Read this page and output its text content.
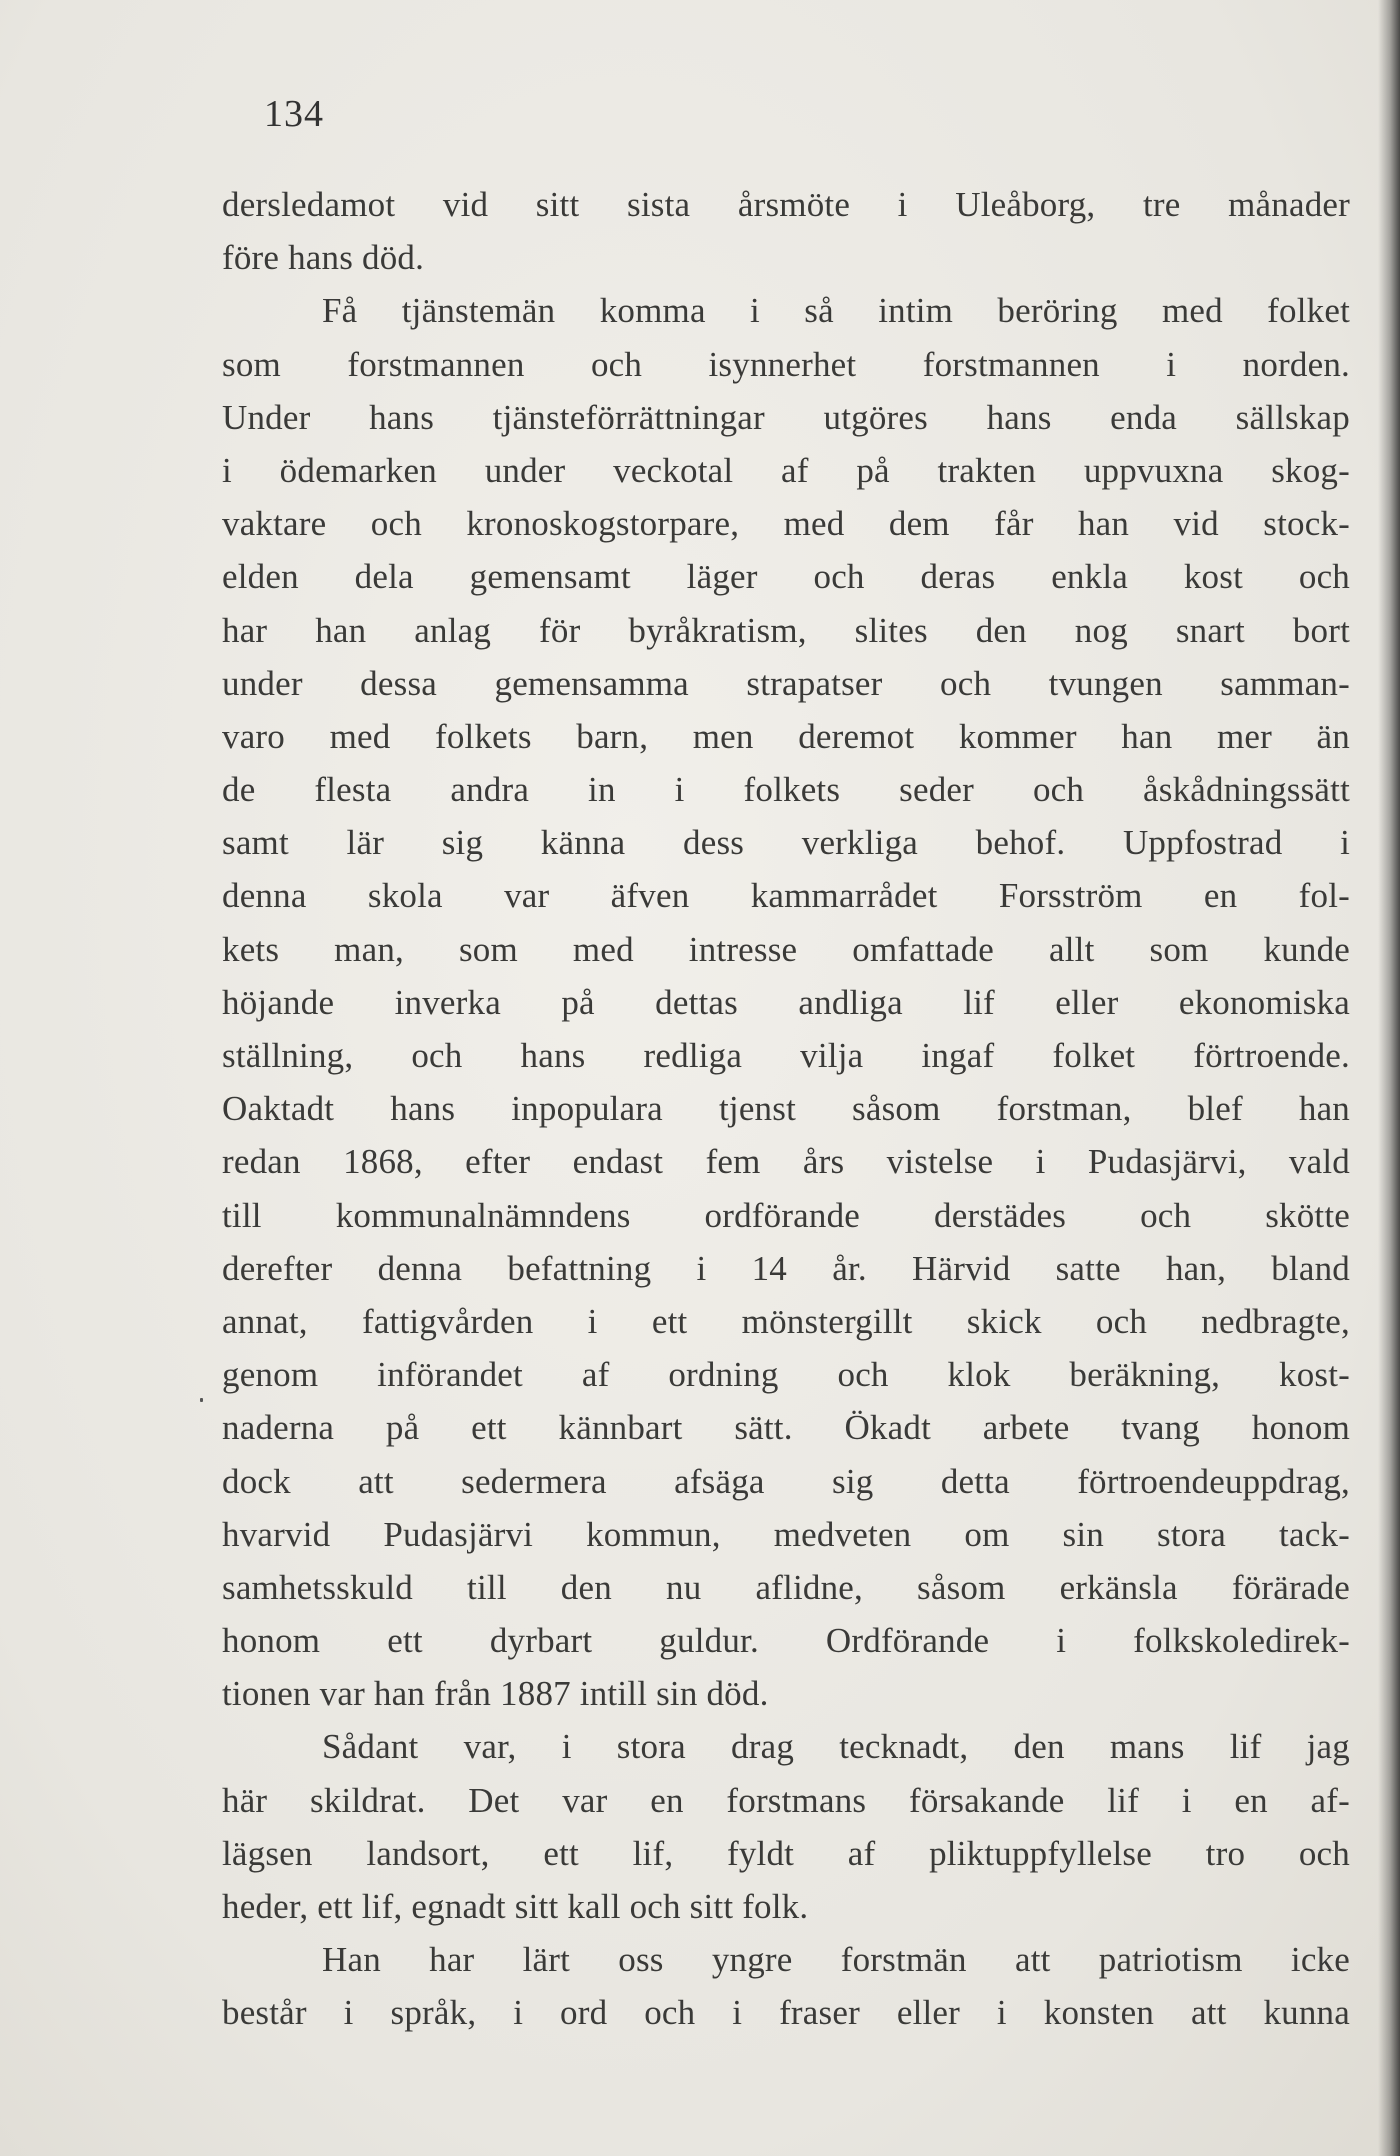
134
dersledamot vid sitt sista årsmöte i Uleåborg, tre månader
före hans död.
Få tjänstemän komma i så intim beröring med folket
som forstmannen och isynnerhet forstmannen i norden.
Under hans tjänsteförrättningar utgöres hans enda sällskap
i ödemarken under veckotal af på trakten uppvuxna skog-
vaktare och kronoskogstorpare, med dem får han vid stock-
elden dela gemensamt läger och deras enkla kost och
har han anlag för byråkratism, slites den nog snart bort
under dessa gemensamma strapatser och tvungen samman-
varo med folkets barn, men deremot kommer han mer än
de flesta andra in i folkets seder och åskådningssätt
samt lär sig känna dess verkliga behof. Uppfostrad i
denna skola var äfven kammarrådet Forsström en fol-
kets man, som med intresse omfattade allt som kunde
höjande inverka på dettas andliga lif eller ekonomiska
ställning, och hans redliga vilja ingaf folket förtroende.
Oaktadt hans inpopulara tjenst såsom forstman, blef han
redan 1868, efter endast fem års vistelse i Pudasjärvi, vald
till kommunalnämndens ordförande derstädes och skötte
derefter denna befattning i 14 år. Härvid satte han, bland
annat, fattigvården i ett mönstergillt skick och nedbragte,
genom införandet af ordning och klok beräkning, kost-
naderna på ett kännbart sätt. Ökadt arbete tvang honom
dock att sedermera afsäga sig detta förtroendeuppdrag,
hvarvid Pudasjärvi kommun, medveten om sin stora tack-
samhetsskuld till den nu aflidne, såsom erkänsla förärade
honom ett dyrbart guldur. Ordförande i folkskoledirek-
tionen var han från 1887 intill sin död.
Sådant var, i stora drag tecknadt, den mans lif jag
här skildrat. Det var en forstmans försakande lif i en af-
lägsen landsort, ett lif, fyldt af pliktuppfyllelse tro och
heder, ett lif, egnadt sitt kall och sitt folk.
Han har lärt oss yngre forstmän att patriotism icke
består i språk, i ord och i fraser eller i konsten att kunna
